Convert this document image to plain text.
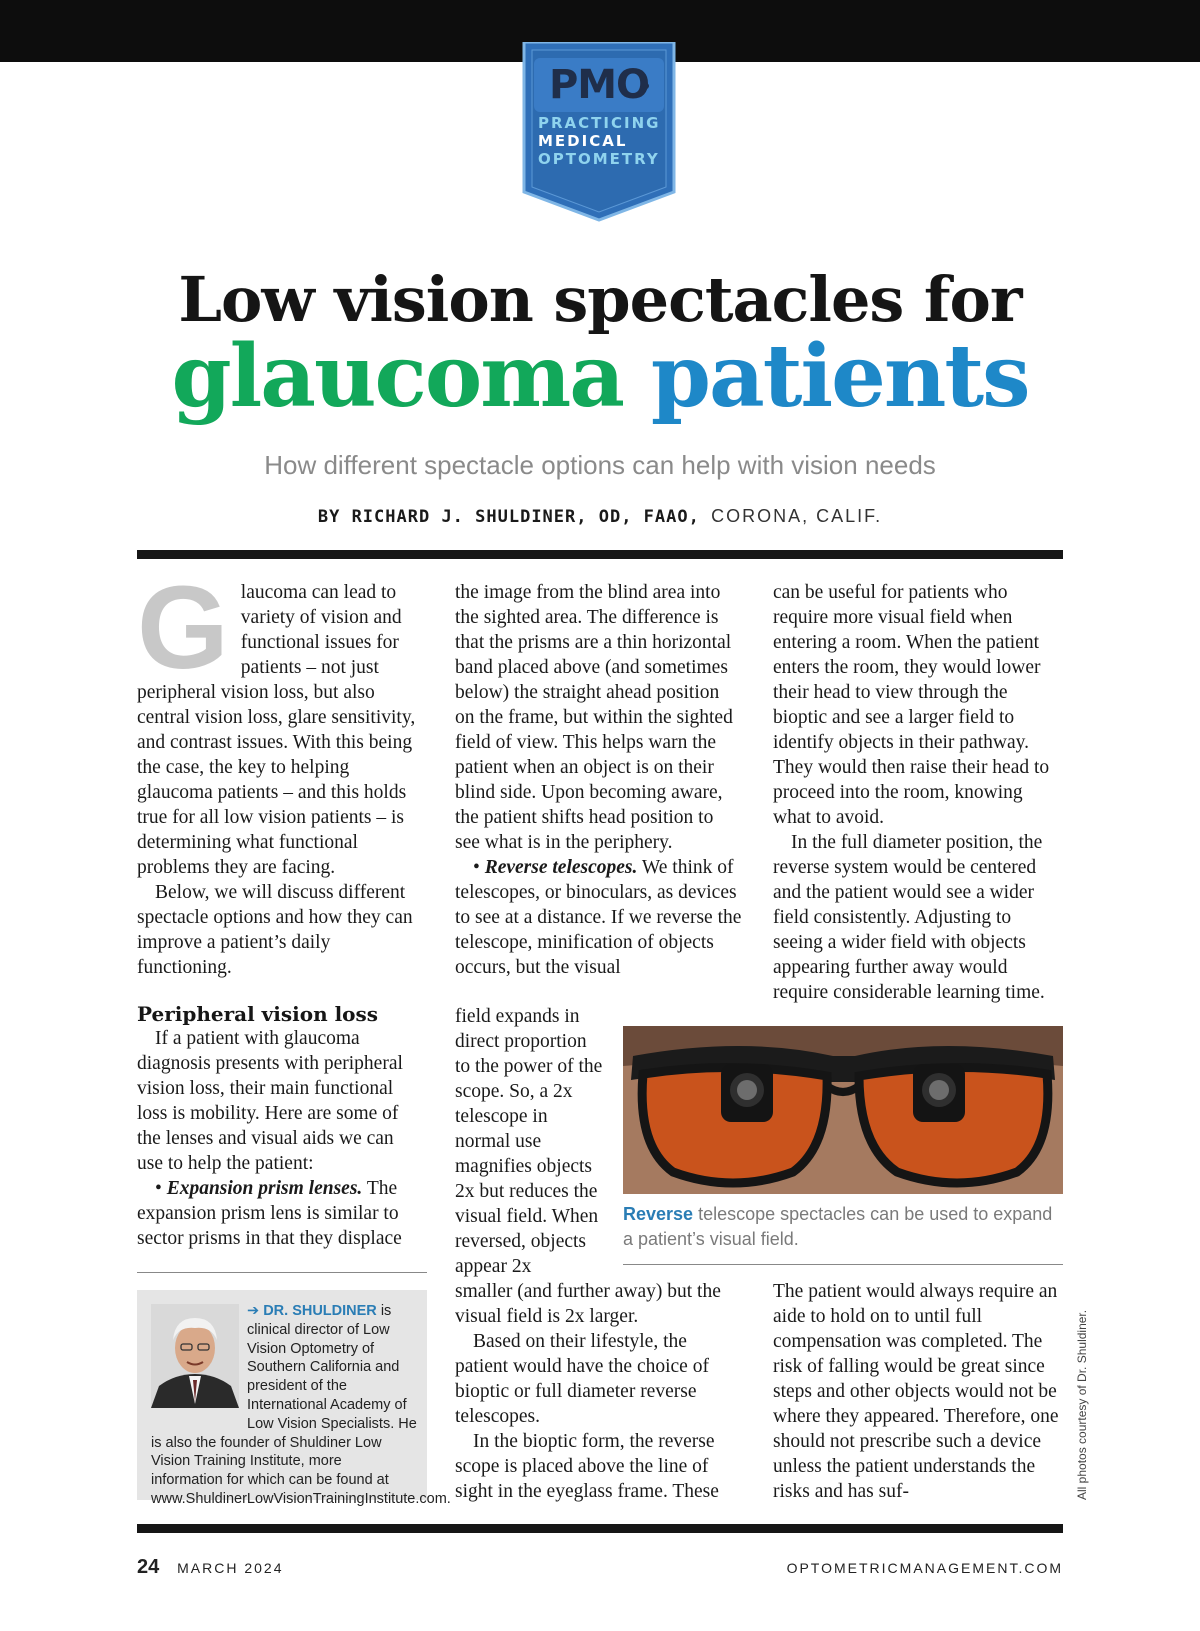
PMO
PRACTICING
MEDICAL
OPTOMETRY
Low vision spectacles for
glaucoma patients
How different spectacle options can help with vision needs
BY RICHARD J. SHULDINER, OD, FAAO, CORONA, CALIF.
G laucoma can lead to variety of vision and functional issues for patients – not just peripheral vision loss, but also central vision loss, glare sensitivity, and contrast issues. With this being the case, the key to helping glaucoma patients – and this holds true for all low vision patients – is determining what functional problems they are facing.

Below, we will discuss different spectacle options and how they can improve a patient’s daily functioning.

Peripheral vision loss

If a patient with glaucoma diagnosis presents with peripheral vision loss, their main functional loss is mobility. Here are some of the lenses and visual aids we can use to help the patient:

• Expansion prism lenses. The expansion prism lens is similar to sector prisms in that they displace

➔ DR. SHULDINER is clinical director of Low Vision Optometry of Southern California and president of the International Academy of Low Vision Specialists. He is also the founder of Shuldiner Low Vision Training Institute, more information for which can be found at www.ShuldinerLowVisionTrainingInstitute.com.

the image from the blind area into the sighted area. The difference is that the prisms are a thin horizontal band placed above (and sometimes below) the straight ahead position on the frame, but within the sighted field of view. This helps warn the patient when an object is on their blind side. Upon becoming aware, the patient shifts head position to see what is in the periphery.

• Reverse telescopes. We think of telescopes, or binoculars, as devices to see at a distance. If we reverse the telescope, minification of objects occurs, but the visual

field expands in direct proportion to the power of the scope. So, a 2x telescope in normal use magnifies objects 2x but reduces the visual field. When reversed, objects appear 2x

smaller (and further away) but the visual field is 2x larger.

Based on their lifestyle, the patient would have the choice of bioptic or full diameter reverse telescopes.

In the bioptic form, the reverse scope is placed above the line of sight in the eyeglass frame. These

can be useful for patients who require more visual field when entering a room. When the patient enters the room, they would lower their head to view through the bioptic and see a larger field to identify objects in their pathway. They would then raise their head to proceed into the room, knowing what to avoid.

In the full diameter position, the reverse system would be centered and the patient would see a wider field consistently. Adjusting to seeing a wider field with objects appearing further away would require considerable learning time.

Reverse telescope spectacles can be used to expand a patient’s visual field.

The patient would always require an aide to hold on to until full compensation was completed. The risk of falling would be great since steps and other objects would not be where they appeared. Therefore, one should not prescribe such a device unless the patient understands the risks and has suf-	All photos courtesy of Dr. Shuldiner.
24 MARCH 2024	OPTOMETRICMANAGEMENT.COM
